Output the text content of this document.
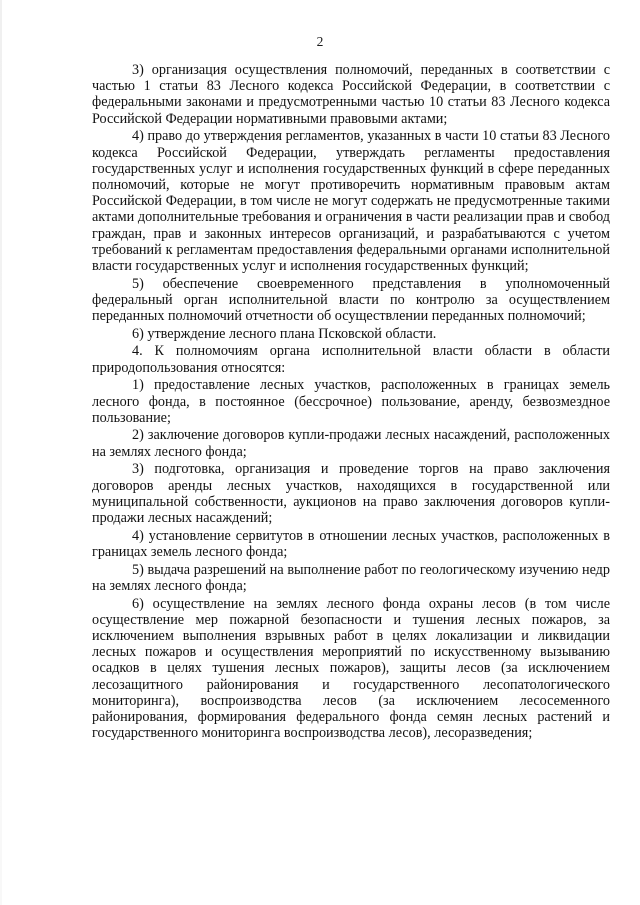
2

3) организация осуществления полномочий, переданных в соответствии с частью 1 статьи 83 Лесного кодекса Российской Федерации, в соответствии с федеральными законами и предусмотренными частью 10 статьи 83 Лесного кодекса Российской Федерации нормативными правовыми актами;

4) право до утверждения регламентов, указанных в части 10 статьи 83 Лесного кодекса Российской Федерации, утверждать регламенты предоставления государственных услуг и исполнения государственных функций в сфере переданных полномочий, которые не могут противоречить нормативным правовым актам Российской Федерации, в том числе не могут содержать не предусмотренные такими актами дополнительные требования и ограничения в части реализации прав и свобод граждан, прав и законных интересов организаций, и разрабатываются с учетом требований к регламентам предоставления федеральными органами исполнительной власти государственных услуг и исполнения государственных функций;

5) обеспечение своевременного представления в уполномоченный федеральный орган исполнительной власти по контролю за осуществлением переданных полномочий отчетности об осуществлении переданных полномочий;

6) утверждение лесного плана Псковской области.

4. К полномочиям органа исполнительной власти области в области природопользования относятся:

1) предоставление лесных участков, расположенных в границах земель лесного фонда, в постоянное (бессрочное) пользование, аренду, безвозмездное пользование;

2) заключение договоров купли-продажи лесных насаждений, расположенных на землях лесного фонда;

3) подготовка, организация и проведение торгов на право заключения договоров аренды лесных участков, находящихся в государственной или муниципальной собственности, аукционов на право заключения договоров купли-продажи лесных насаждений;

4) установление сервитутов в отношении лесных участков, расположенных в границах земель лесного фонда;

5) выдача разрешений на выполнение работ по геологическому изучению недр на землях лесного фонда;

6) осуществление на землях лесного фонда охраны лесов (в том числе осуществление мер пожарной безопасности и тушения лесных пожаров, за исключением выполнения взрывных работ в целях локализации и ликвидации лесных пожаров и осуществления мероприятий по искусственному вызыванию осадков в целях тушения лесных пожаров), защиты лесов (за исключением лесозащитного районирования и государственного лесопатологического мониторинга), воспроизводства лесов (за исключением лесосеменного районирования, формирования федерального фонда семян лесных растений и государственного мониторинга воспроизводства лесов), лесоразведения;
